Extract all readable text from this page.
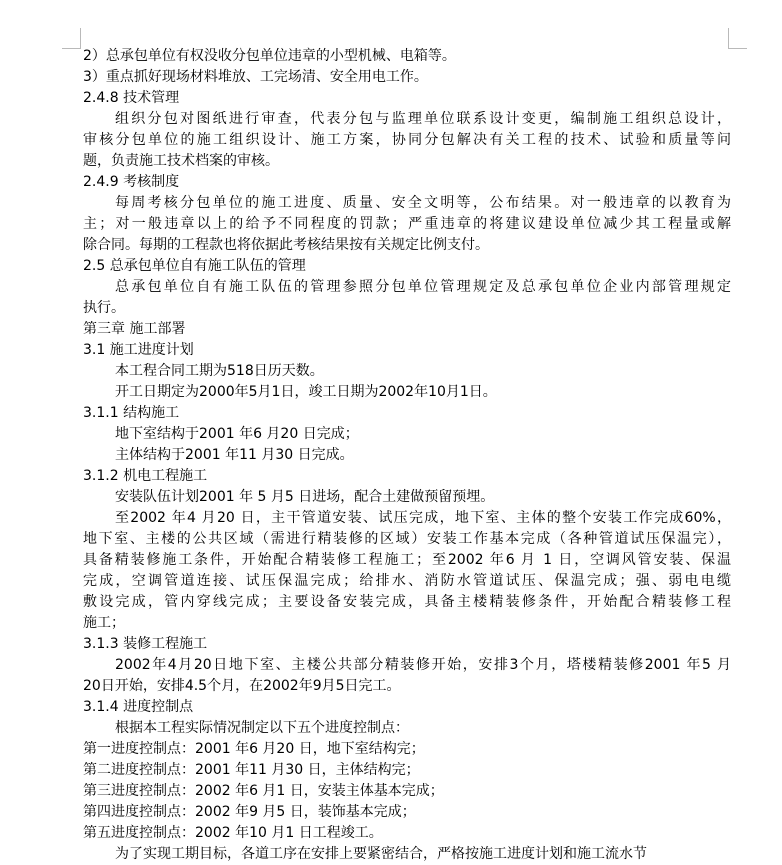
2）总承包单位有权没收分包单位违章的小型机械、电箱等。
3）重点抓好现场材料堆放、工完场清、安全用电工作。
2.4.8 技术管理
组织分包对图纸进行审查，代表分包与监理单位联系设计变更，编制施工组织总设计，
审核分包单位的施工组织设计、施工方案，协同分包解决有关工程的技术、试验和质量等问
题，负责施工技术档案的审核。
2.4.9 考核制度
每周考核分包单位的施工进度、质量、安全文明等，公布结果。对一般违章的以教育为
主；对一般违章以上的给予不同程度的罚款；严重违章的将建议建设单位减少其工程量或解
除合同。每期的工程款也将依据此考核结果按有关规定比例支付。
2.5 总承包单位自有施工队伍的管理
总承包单位自有施工队伍的管理参照分包单位管理规定及总承包单位企业内部管理规定
执行。
第三章 施工部署
3.1 施工进度计划
本工程合同工期为518日历天数。
开工日期定为2000年5月1日，竣工日期为2002年10月1日。
3.1.1 结构施工
地下室结构于2001 年6 月20 日完成；
主体结构于2001 年11 月30 日完成。
3.1.2 机电工程施工
安装队伍计划2001 年 5 月5 日进场，配合土建做预留预埋。
至2002 年4 月20 日，主干管道安装、试压完成，地下室、主体的整个安装工作完成60%，
地下室、主楼的公共区域（需进行精装修的区域）安装工作基本完成（各种管道试压保温完），
具备精装修施工条件，开始配合精装修工程施工；至2002 年6 月 1 日，空调风管安装、保温
完成，空调管道连接、试压保温完成；给排水、消防水管道试压、保温完成；强、弱电电缆
敷设完成，管内穿线完成；主要设备安装完成，具备主楼精装修条件，开始配合精装修工程
施工；
3.1.3 装修工程施工
2002年4月20日地下室、主楼公共部分精装修开始，安排3个月，塔楼精装修2001 年5 月
20日开始，安排4.5个月，在2002年9月5日完工。
3.1.4 进度控制点
根据本工程实际情况制定以下五个进度控制点：
第一进度控制点：2001 年6 月20 日，地下室结构完；
第二进度控制点：2001 年11 月30 日，主体结构完；
第三进度控制点：2002 年6 月1 日，安装主体基本完成；
第四进度控制点：2002 年9 月5 日，装饰基本完成；
第五进度控制点：2002 年10 月1 日工程竣工。
为了实现工期目标，各道工序在安排上要紧密结合，严格按施工进度计划和施工流水节
